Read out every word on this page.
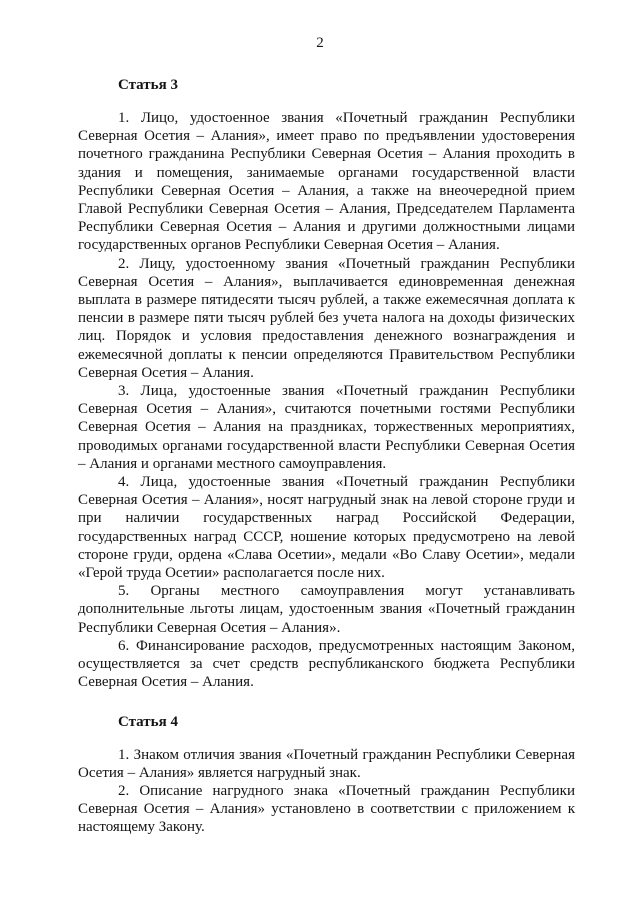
2
Статья 3

1. Лицо, удостоенное звания «Почетный гражданин Республики Северная Осетия – Алания», имеет право по предъявлении удостоверения почетного гражданина Республики Северная Осетия – Алания проходить в здания и помещения, занимаемые органами государственной власти Республики Северная Осетия – Алания, а также на внеочередной прием Главой Республики Северная Осетия – Алания, Председателем Парламента Республики Северная Осетия – Алания и другими должностными лицами государственных органов Республики Северная Осетия – Алания.

2. Лицу, удостоенному звания «Почетный гражданин Республики Северная Осетия – Алания», выплачивается единовременная денежная выплата в размере пятидесяти тысяч рублей, а также ежемесячная доплата к пенсии в размере пяти тысяч рублей без учета налога на доходы физических лиц. Порядок и условия предоставления денежного вознаграждения и ежемесячной доплаты к пенсии определяются Правительством Республики Северная Осетия – Алания.

3. Лица, удостоенные звания «Почетный гражданин Республики Северная Осетия – Алания», считаются почетными гостями Республики Северная Осетия – Алания на праздниках, торжественных мероприятиях, проводимых органами государственной власти Республики Северная Осетия – Алания и органами местного самоуправления.

4. Лица, удостоенные звания «Почетный гражданин Республики Северная Осетия – Алания», носят нагрудный знак на левой стороне груди и при наличии государственных наград Российской Федерации, государственных наград СССР, ношение которых предусмотрено на левой стороне груди, ордена «Слава Осетии», медали «Во Славу Осетии», медали «Герой труда Осетии» располагается после них.

5. Органы местного самоуправления могут устанавливать дополнительные льготы лицам, удостоенным звания «Почетный гражданин Республики Северная Осетия – Алания».

6. Финансирование расходов, предусмотренных настоящим Законом, осуществляется за счет средств республиканского бюджета Республики Северная Осетия – Алания.

Статья 4

1. Знаком отличия звания «Почетный гражданин Республики Северная Осетия – Алания» является нагрудный знак.

2. Описание нагрудного знака «Почетный гражданин Республики Северная Осетия – Алания» установлено в соответствии с приложением к настоящему Закону.
